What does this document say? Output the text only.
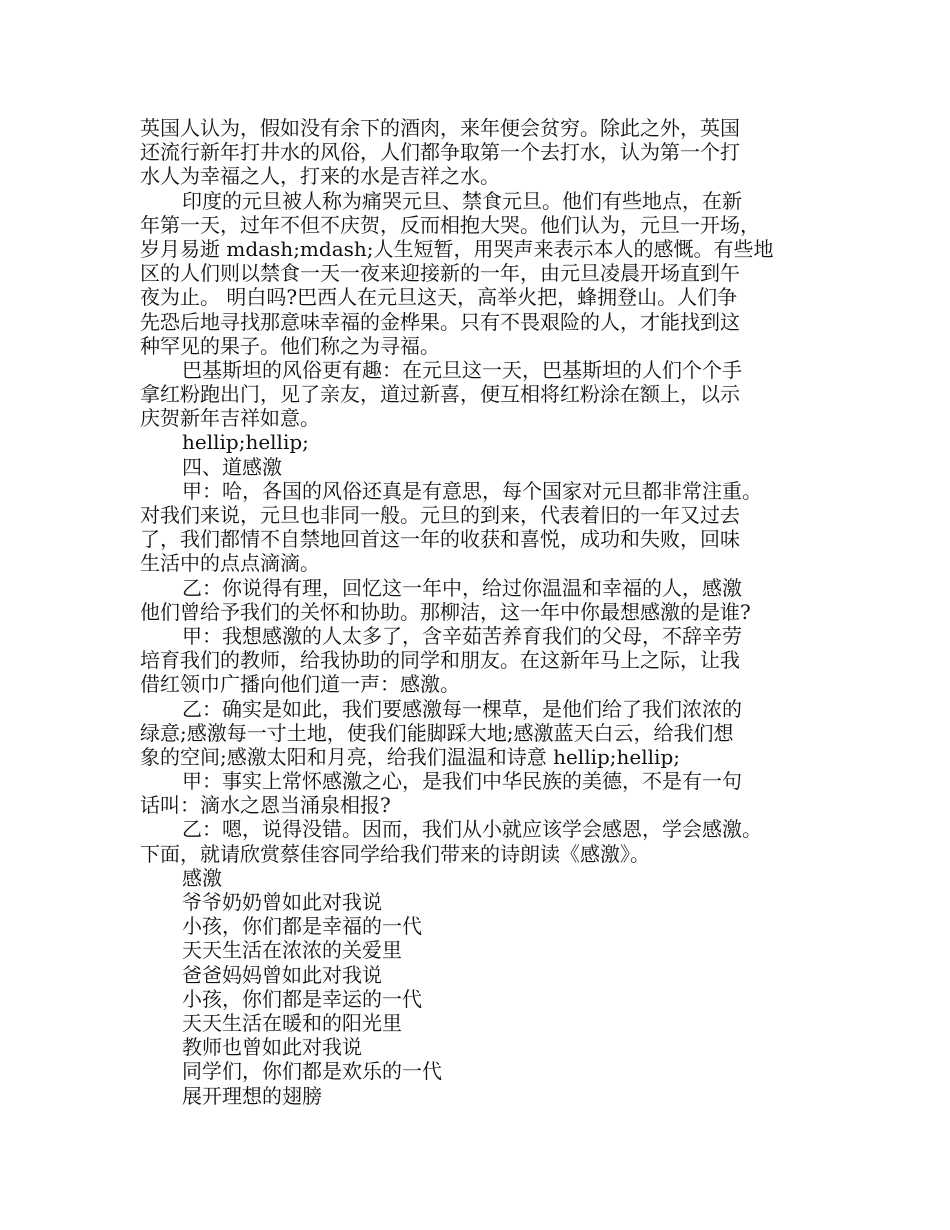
英国人认为，假如没有余下的酒肉，来年便会贫穷。除此之外，英国
还流行新年打井水的风俗，人们都争取第一个去打水，认为第一个打
水人为幸福之人，打来的水是吉祥之水。
印度的元旦被人称为痛哭元旦、禁食元旦。他们有些地点，在新
年第一天，过年不但不庆贺，反而相抱大哭。他们认为，元旦一开场，
岁月易逝 mdash;mdash;人生短暂，用哭声来表示本人的感慨。有些地
区的人们则以禁食一天一夜来迎接新的一年，由元旦凌晨开场直到午
夜为止。 明白吗?巴西人在元旦这天，高举火把，蜂拥登山。人们争
先恐后地寻找那意味幸福的金桦果。只有不畏艰险的人，才能找到这
种罕见的果子。他们称之为寻福。
巴基斯坦的风俗更有趣：在元旦这一天，巴基斯坦的人们个个手
拿红粉跑出门，见了亲友，道过新喜，便互相将红粉涂在额上，以示
庆贺新年吉祥如意。
hellip;hellip;
四、道感激
甲：哈，各国的风俗还真是有意思，每个国家对元旦都非常注重。
对我们来说，元旦也非同一般。元旦的到来，代表着旧的一年又过去
了，我们都情不自禁地回首这一年的收获和喜悦，成功和失败，回味
生活中的点点滴滴。
乙：你说得有理，回忆这一年中，给过你温温和幸福的人，感激
他们曾给予我们的关怀和协助。那柳洁，这一年中你最想感激的是谁?
甲：我想感激的人太多了，含辛茹苦养育我们的父母，不辞辛劳
培育我们的教师，给我协助的同学和朋友。在这新年马上之际，让我
借红领巾广播向他们道一声：感激。
乙：确实是如此，我们要感激每一棵草，是他们给了我们浓浓的
绿意;感激每一寸土地，使我们能脚踩大地;感激蓝天白云，给我们想
象的空间;感激太阳和月亮，给我们温温和诗意 hellip;hellip;
甲：事实上常怀感激之心，是我们中华民族的美德，不是有一句
话叫：滴水之恩当涌泉相报?
乙：嗯，说得没错。因而，我们从小就应该学会感恩，学会感激。
下面，就请欣赏蔡佳容同学给我们带来的诗朗读《感激》。
感激
爷爷奶奶曾如此对我说
小孩，你们都是幸福的一代
天天生活在浓浓的关爱里
爸爸妈妈曾如此对我说
小孩，你们都是幸运的一代
天天生活在暖和的阳光里
教师也曾如此对我说
同学们，你们都是欢乐的一代
展开理想的翅膀
